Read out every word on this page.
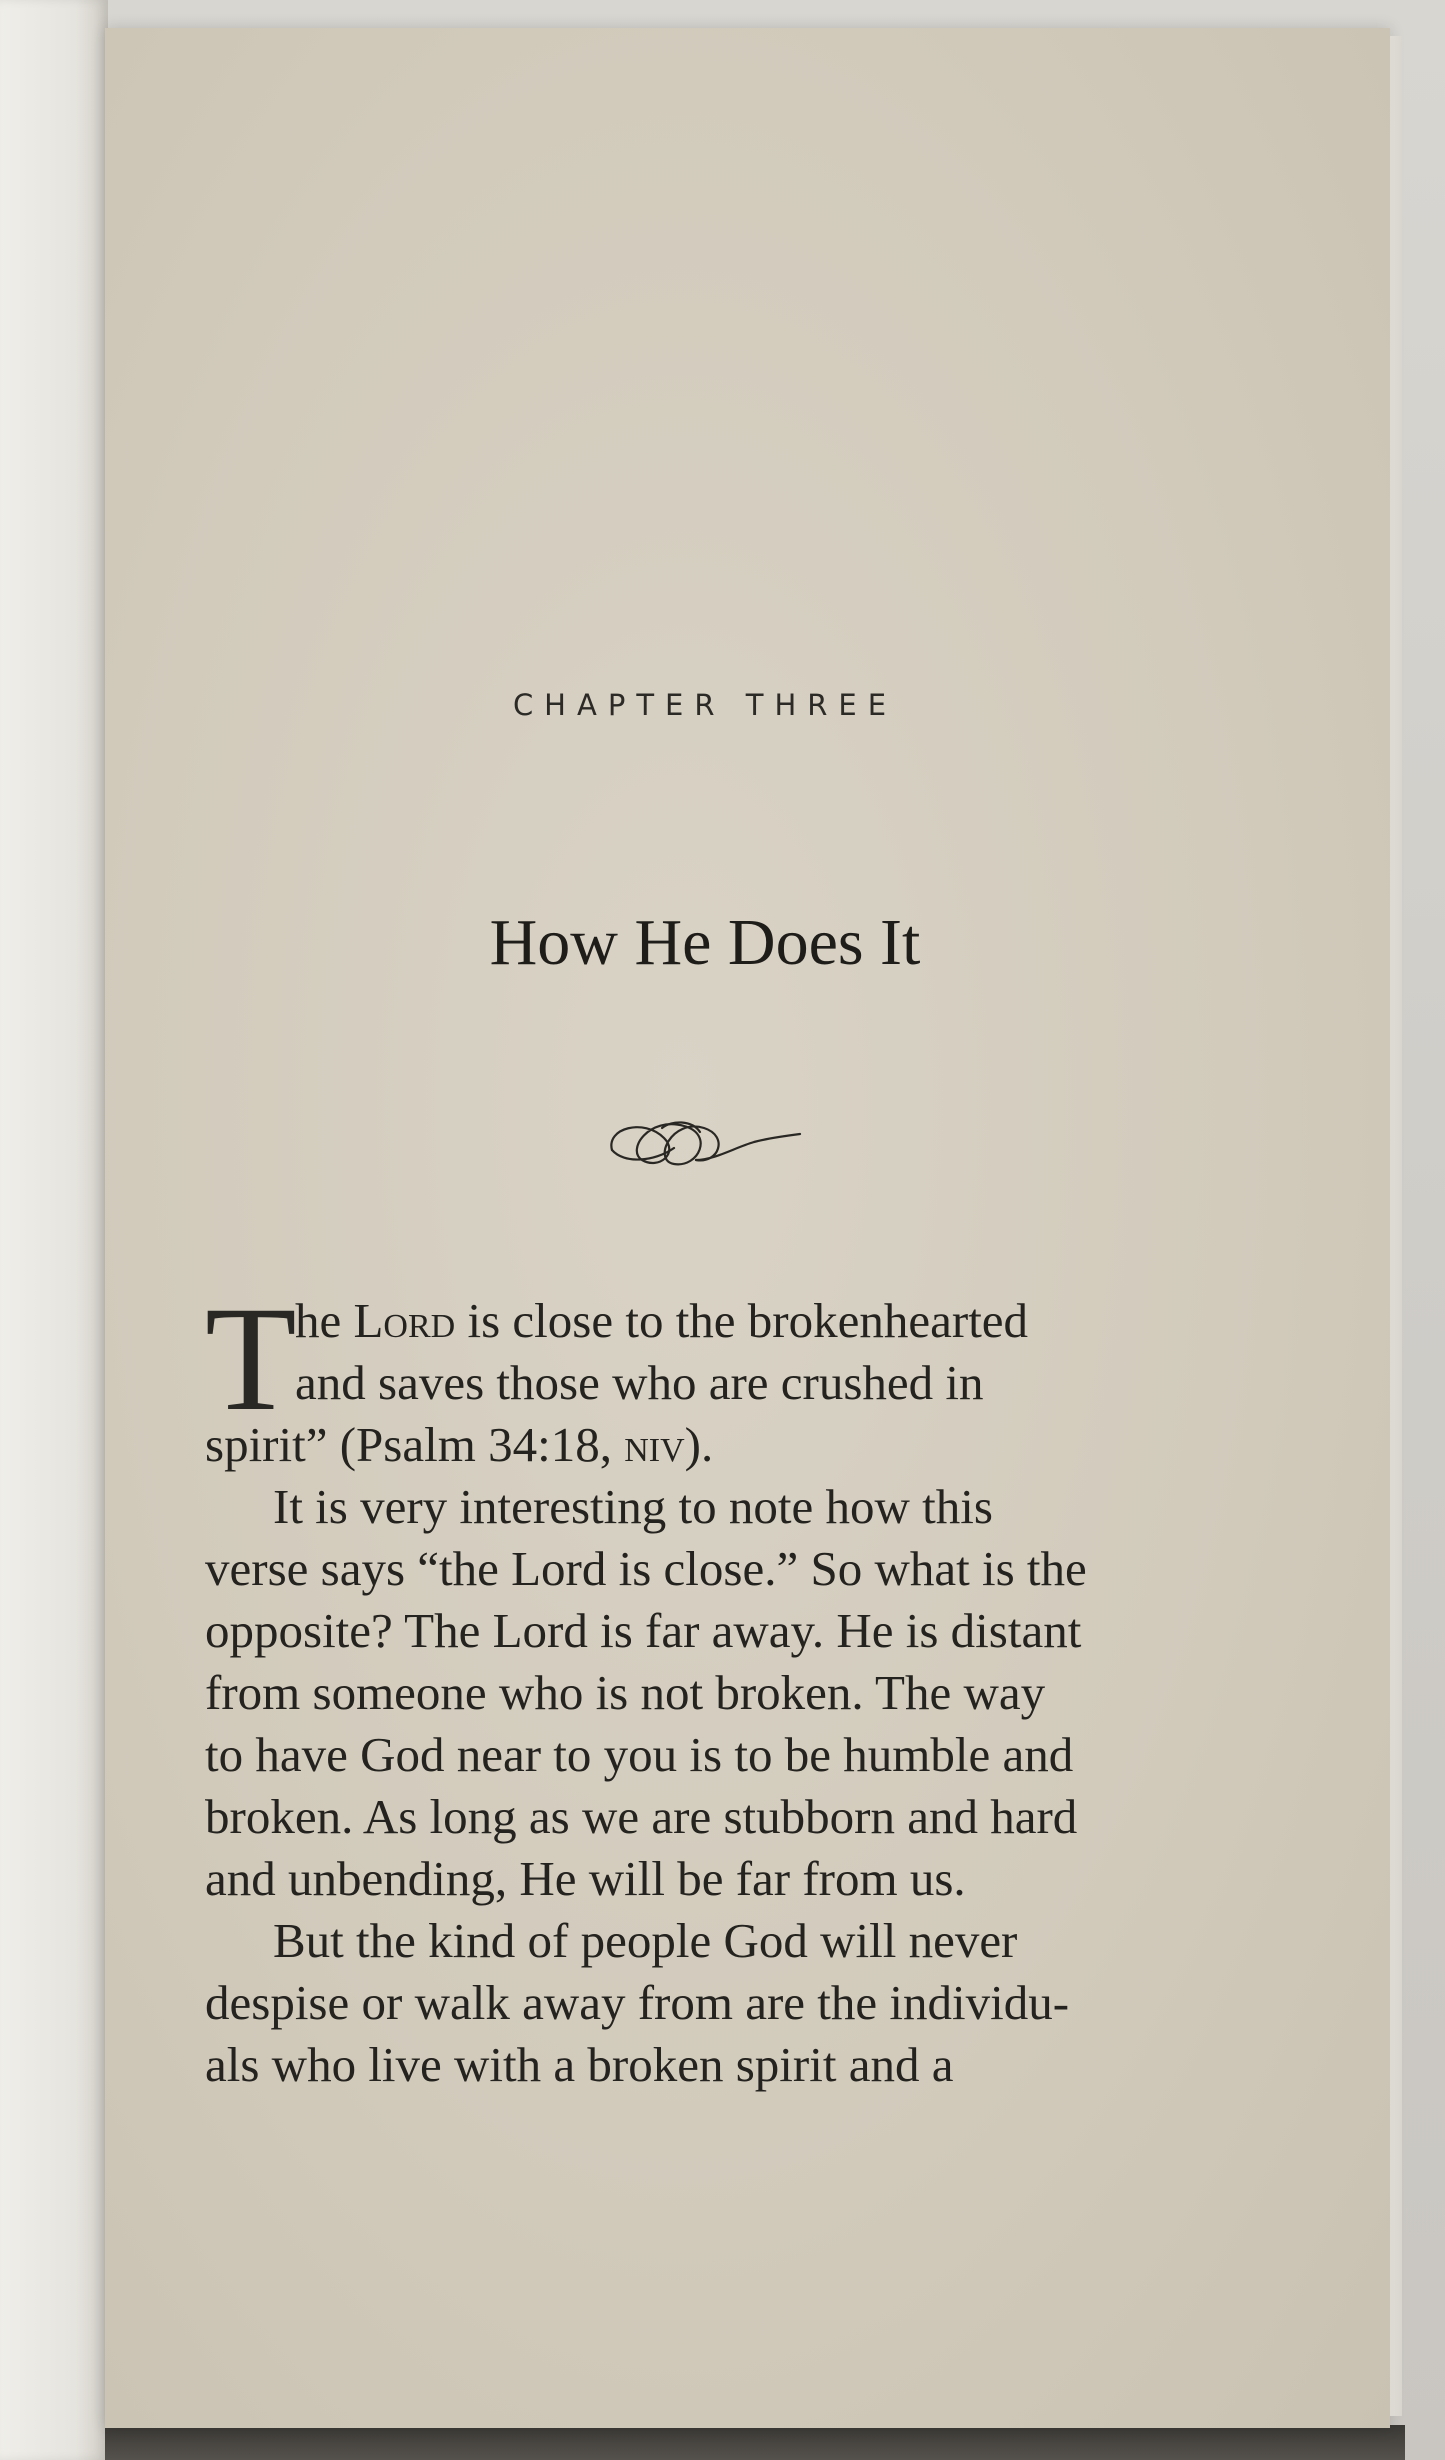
CHAPTER THREE
How He Does It
T
he Lord is close to the brokenhearted
and saves those who are crushed in
spirit” (Psalm 34:18, niv).
It is very interesting to note how this
verse says “the Lord is close.” So what is the
opposite? The Lord is far away. He is distant
from someone who is not broken. The way
to have God near to you is to be humble and
broken. As long as we are stubborn and hard
and unbending, He will be far from us.
But the kind of people God will never
despise or walk away from are the individu-
als who live with a broken spirit and a
